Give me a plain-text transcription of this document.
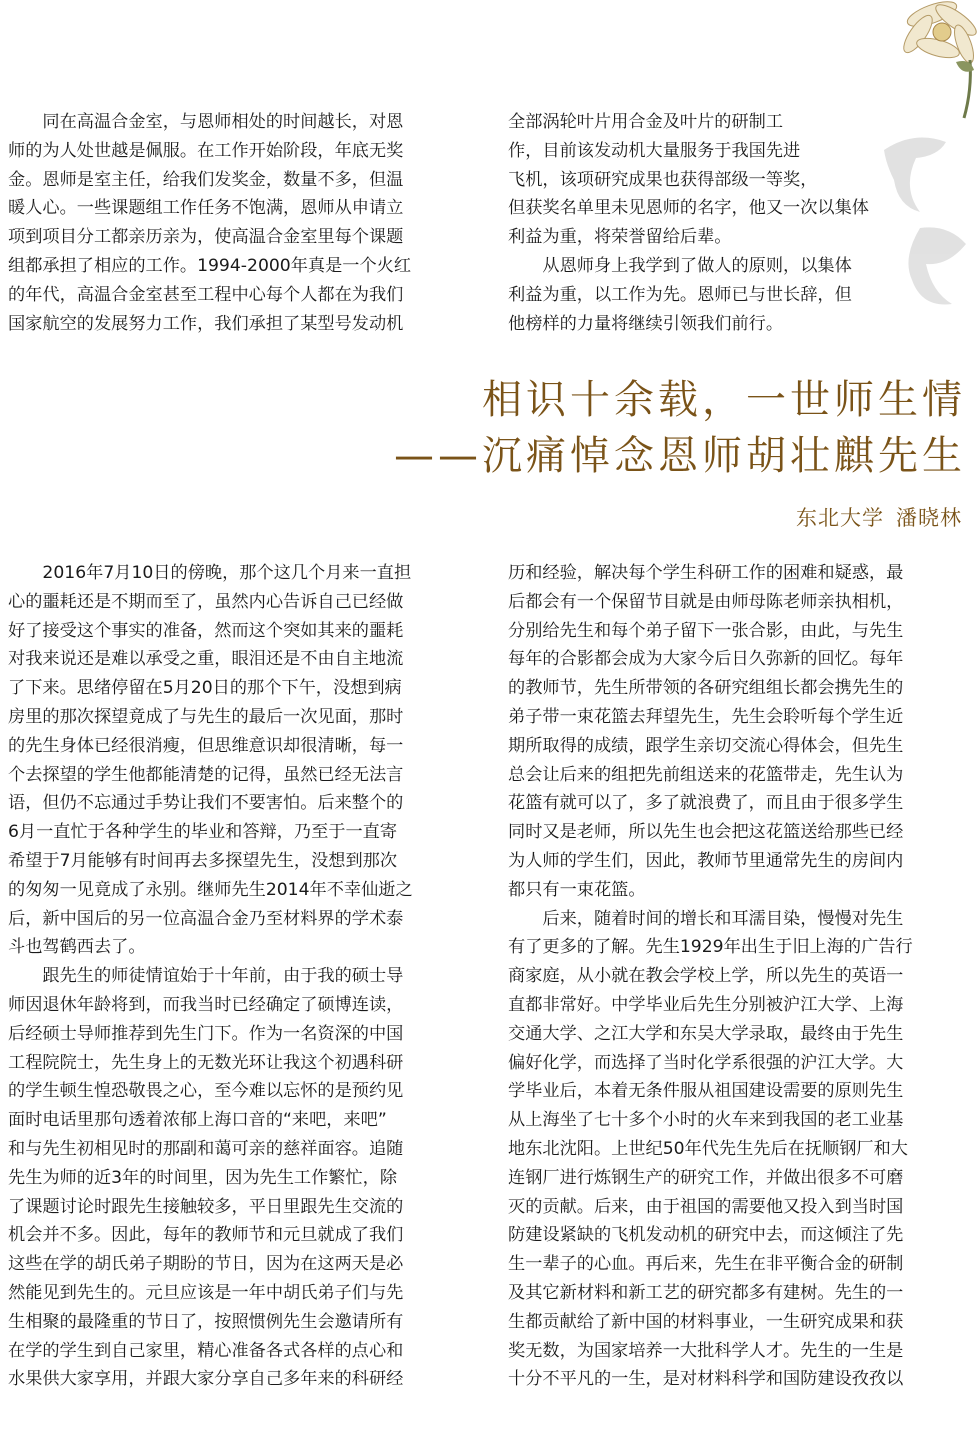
同在高温合金室，与恩师相处的时间越长，对恩
师的为人处世越是佩服。在工作开始阶段，年底无奖
金。恩师是室主任，给我们发奖金，数量不多，但温
暖人心。一些课题组工作任务不饱满，恩师从申请立
项到项目分工都亲历亲为，使高温合金室里每个课题
组都承担了相应的工作。1994-2000年真是一个火红
的年代，高温合金室甚至工程中心每个人都在为我们
国家航空的发展努力工作，我们承担了某型号发动机

全部涡轮叶片用合金及叶片的研制工
作，目前该发动机大量服务于我国先进
飞机，该项研究成果也获得部级一等奖，
但获奖名单里未见恩师的名字，他又一次以集体
利益为重，将荣誉留给后辈。

从恩师身上我学到了做人的原则，以集体
利益为重，以工作为先。恩师已与世长辞，但
他榜样的力量将继续引领我们前行。

相识十余载，一世师生情
——沉痛悼念恩师胡壮麒先生
东北大学 潘晓林

2016年7月10日的傍晚，那个这几个月来一直担
心的噩耗还是不期而至了，虽然内心告诉自己已经做
好了接受这个事实的准备，然而这个突如其来的噩耗
对我来说还是难以承受之重，眼泪还是不由自主地流
了下来。思绪停留在5月20日的那个下午，没想到病
房里的那次探望竟成了与先生的最后一次见面，那时
的先生身体已经很消瘦，但思维意识却很清晰，每一
个去探望的学生他都能清楚的记得，虽然已经无法言
语，但仍不忘通过手势让我们不要害怕。后来整个的
6月一直忙于各种学生的毕业和答辩，乃至于一直寄
希望于7月能够有时间再去多探望先生，没想到那次
的匆匆一见竟成了永别。继师先生2014年不幸仙逝之
后，新中国后的另一位高温合金乃至材料界的学术泰
斗也驾鹤西去了。

跟先生的师徒情谊始于十年前，由于我的硕士导
师因退休年龄将到，而我当时已经确定了硕博连读，
后经硕士导师推荐到先生门下。作为一名资深的中国
工程院院士，先生身上的无数光环让我这个初遇科研
的学生顿生惶恐敬畏之心，至今难以忘怀的是预约见
面时电话里那句透着浓郁上海口音的“来吧，来吧”
和与先生初相见时的那副和蔼可亲的慈祥面容。追随
先生为师的近3年的时间里，因为先生工作繁忙，除
了课题讨论时跟先生接触较多，平日里跟先生交流的
机会并不多。因此，每年的教师节和元旦就成了我们
这些在学的胡氏弟子期盼的节日，因为在这两天是必
然能见到先生的。元旦应该是一年中胡氏弟子们与先
生相聚的最隆重的节日了，按照惯例先生会邀请所有
在学的学生到自己家里，精心准备各式各样的点心和
水果供大家享用，并跟大家分享自己多年来的科研经

历和经验，解决每个学生科研工作的困难和疑惑，最
后都会有一个保留节目就是由师母陈老师亲执相机，
分别给先生和每个弟子留下一张合影，由此，与先生
每年的合影都会成为大家今后日久弥新的回忆。每年
的教师节，先生所带领的各研究组组长都会携先生的
弟子带一束花篮去拜望先生，先生会聆听每个学生近
期所取得的成绩，跟学生亲切交流心得体会，但先生
总会让后来的组把先前组送来的花篮带走，先生认为
花篮有就可以了，多了就浪费了，而且由于很多学生
同时又是老师，所以先生也会把这花篮送给那些已经
为人师的学生们，因此，教师节里通常先生的房间内
都只有一束花篮。

后来，随着时间的增长和耳濡目染，慢慢对先生
有了更多的了解。先生1929年出生于旧上海的广告行
商家庭，从小就在教会学校上学，所以先生的英语一
直都非常好。中学毕业后先生分别被沪江大学、上海
交通大学、之江大学和东吴大学录取，最终由于先生
偏好化学，而选择了当时化学系很强的沪江大学。大
学毕业后，本着无条件服从祖国建设需要的原则先生
从上海坐了七十多个小时的火车来到我国的老工业基
地东北沈阳。上世纪50年代先生先后在抚顺钢厂和大
连钢厂进行炼钢生产的研究工作，并做出很多不可磨
灭的贡献。后来，由于祖国的需要他又投入到当时国
防建设紧缺的飞机发动机的研究中去，而这倾注了先
生一辈子的心血。再后来，先生在非平衡合金的研制
及其它新材料和新工艺的研究都多有建树。先生的一
生都贡献给了新中国的材料事业，一生研究成果和获
奖无数，为国家培养一大批科学人才。先生的一生是
十分不平凡的一生，是对材料科学和国防建设孜孜以
